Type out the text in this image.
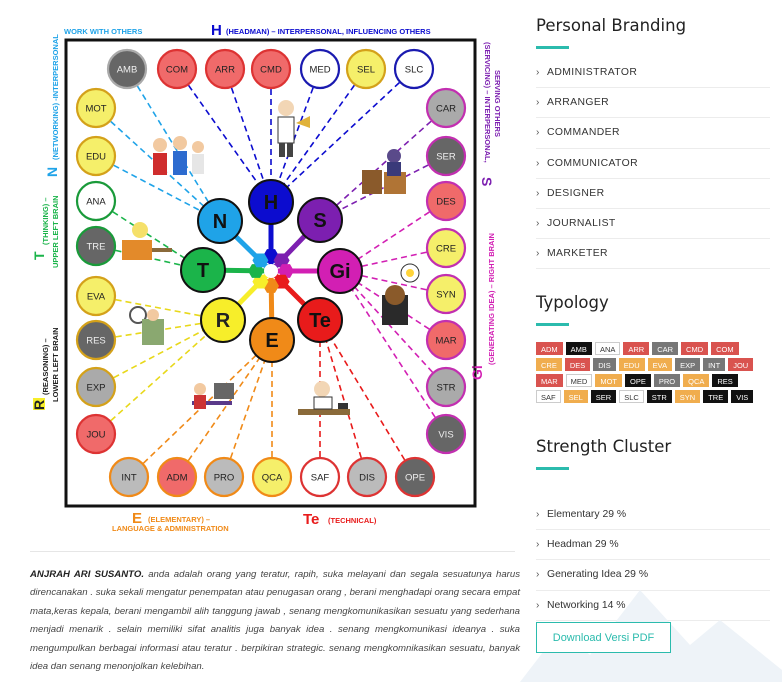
H
S
Gi
Te
E
R
T
N
AMB	COM	ARR	CMD	MED	SEL	SLC
MOT
EDU
ANA
TRE
EVA
RES
EXP
JOU
CAR
SER
DES
CRE
SYN
MAR
STR
VIS
INT	ADM	PRO	QCA	SAF	DIS	OPE
WORK WITH OTHERS	H (HEADMAN) – INTERPERSONAL, INFLUENCING OTHERS
(NETWORKING) -INTERPERSONAL
N
S
(SERVICING) – INTERPERSONAL, SERVING OTHERS
T
(THINKING) – UPPER LEFT BRAIN
Gi
(GENERATING IDEA) – RIGHT BRAIN
R
(REASONING) – LOWER LEFT BRAIN
E (ELEMENTARY) –
LANGUAGE & ADMINISTRATION
Te (TECHNICAL)

ANJRAH ARI SUSANTO. anda adalah orang yang teratur, rapih, suka melayani dan segala sesuatunya harus direncanakan . suka sekali mengatur penempatan atau penugasan orang , berani menghadapi orang secara empat mata,keras kepala, berani mengambil alih tanggung jawab , senang mengkomunikasikan sesuatu yang sederhana menjadi menarik . selain memiliki sifat analitis juga banyak idea . senang mengkomunikasi ideanya . suka mengumpulkan berbagai informasi atau teratur . berpikiran strategic. senang mengkomnikasikan sesuatu, banyak idea dan senang menonjolkan kelebihan.

Personal Branding
› ADMINISTRATOR
› ARRANGER
› COMMANDER
› COMMUNICATOR
› DESIGNER
› JOURNALIST
› MARKETER
Typology
ADM	AMB	ANA	ARR	CAR	CMD	COM
CRE	DES	DIS	EDU	EVA	EXP	INT	JOU
MAR	MED	MOT	OPE	PRO	QCA	RES
SAF	SEL	SER	SLC	STR	SYN	TRE	VIS
Strength Cluster
› Elementary 29 %
› Headman 29 %
› Generating Idea 29 %
› Networking 14 %
Download Versi PDF
